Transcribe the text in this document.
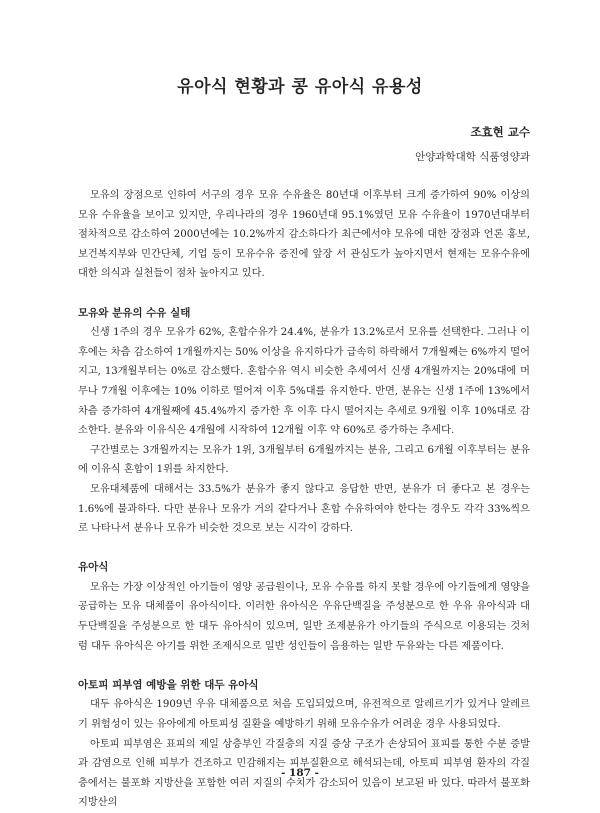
유아식 현황과 콩 유아식 유용성
조효현 교수
안양과학대학 식품영양과

모유의 장점으로 인하여 서구의 경우 모유 수유율은 80년대 이후부터 크게 증가하여 90% 이상의 모유 수유율을 보이고 있지만, 우리나라의 경우 1960년대 95.1%였던 모유 수유율이 1970년대부터 점차적으로 감소하여 2000년에는 10.2%까지 감소하다가 최근에서야 모유에 대한 장점과 언론 홍보, 보건복지부와 민간단체, 기업 등이 모유수유 증진에 앞장 서 관심도가 높아지면서 현재는 모유수유에 대한 의식과 실천들이 점차 높아지고 있다.

모유와 분유의 수유 실태

신생 1주의 경우 모유가 62%, 혼합수유가 24.4%, 분유가 13.2%로서 모유를 선택한다. 그러나 이후에는 차츰 감소하여 1개월까지는 50% 이상을 유지하다가 급속히 하락해서 7개월째는 6%까지 떨어지고, 13개월부터는 0%로 감소했다. 혼합수유 역시 비슷한 추세여서 신생 4개월까지는 20%대에 머무나 7개월 이후에는 10% 이하로 떨어져 이후 5%대를 유지한다. 반면, 분유는 신생 1주에 13%에서 차츰 증가하여 4개월째에 45.4%까지 증가한 후 이후 다시 떨어지는 추세로 9개월 이후 10%대로 감소한다. 분유와 이유식은 4개월에 시작하여 12개월 이후 약 60%로 증가하는 추세다.

구간별로는 3개월까지는 모유가 1위, 3개월부터 6개월까지는 분유, 그리고 6개월 이후부터는 분유에 이유식 혼합이 1위를 차지한다.

모유대체품에 대해서는 33.5%가 분유가 좋지 않다고 응답한 반면, 분유가 더 좋다고 본 경우는 1.6%에 불과하다. 다만 분유나 모유가 거의 같다거나 혼합 수유하여야 한다는 경우도 각각 33%씩으로 나타나서 분유나 모유가 비슷한 것으로 보는 시각이 강하다.

유아식

모유는 가장 이상적인 아기들이 영양 공급원이나, 모유 수유를 하지 못할 경우에 아기들에게 영양을 공급하는 모유 대체품이 유아식이다. 이러한 유아식은 우유단백질을 주성분으로 한 우유 유아식과 대두단백질을 주성분으로 한 대두 유아식이 있으며, 일반 조제분유가 아기들의 주식으로 이용되는 것처럼 대두 유아식은 아기를 위한 조제식으로 일반 성인들이 음용하는 일반 두유와는 다른 제품이다.

아토피 피부염 예방을 위한 대두 유아식

대두 유아식은 1909년 우유 대체품으로 처음 도입되었으며, 유전적으로 알레르기가 있거나 알레르기 위험성이 있는 유아에게 아토피성 질환을 예방하기 위해 모유수유가 어려운 경우 사용되었다.

아토피 피부염은 표피의 제일 상층부인 각질층의 지질 증상 구조가 손상되어 표피를 통한 수분 증발과 감염으로 인해 피부가 건조하고 민감해지는 피부질환으로 해석되는데, 아토피 피부염 환자의 각질층에서는 불포화 지방산을 포함한 여러 지질의 수치가 감소되어 있음이 보고된 바 있다. 따라서 불포화 지방산의

- 187 -
